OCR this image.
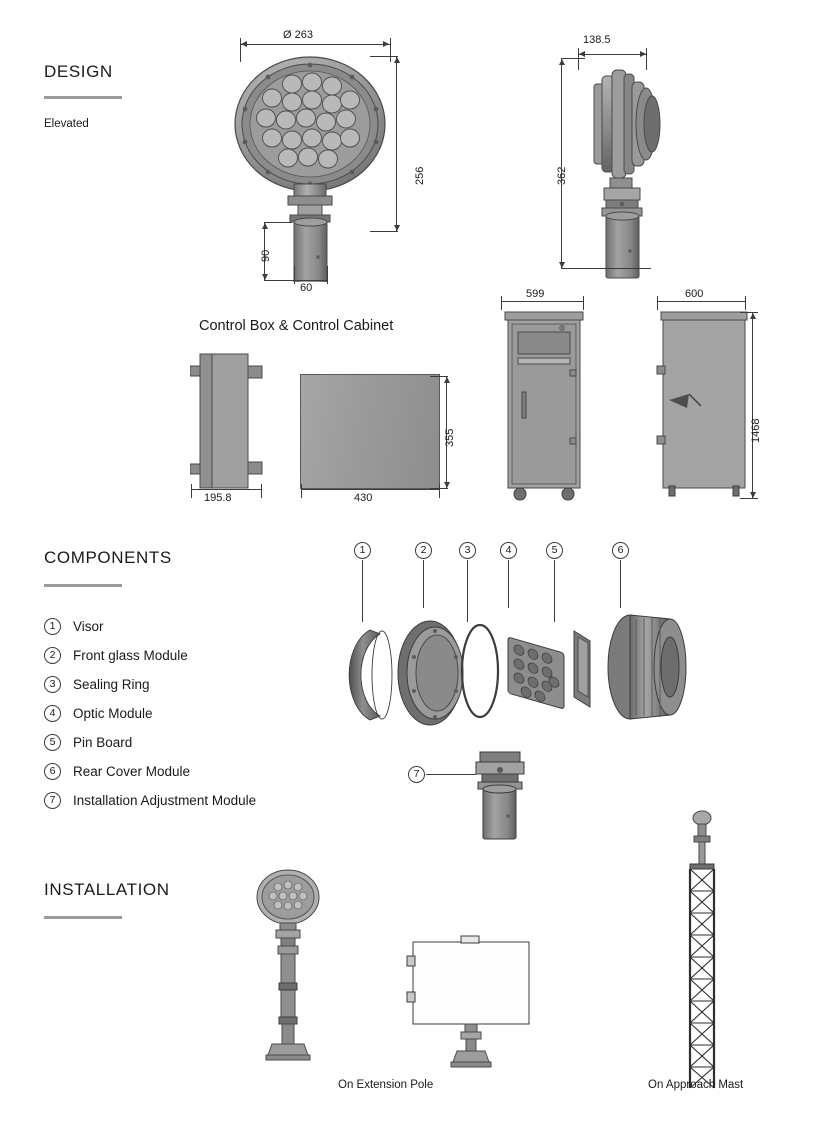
DESIGN
Elevated
Ø 263
256
90
60
138.5
362
Control Box & Control Cabinet
195.8	430
355
599	600
1468
COMPONENTS
1	Visor
2	Front glass Module
3	Sealing Ring
4	Optic Module
5	Pin Board
6	Rear Cover Module
7	Installation Adjustment Module
1	2	3	4	5	6
7
INSTALLATION
On Extension Pole	On Approach Mast
